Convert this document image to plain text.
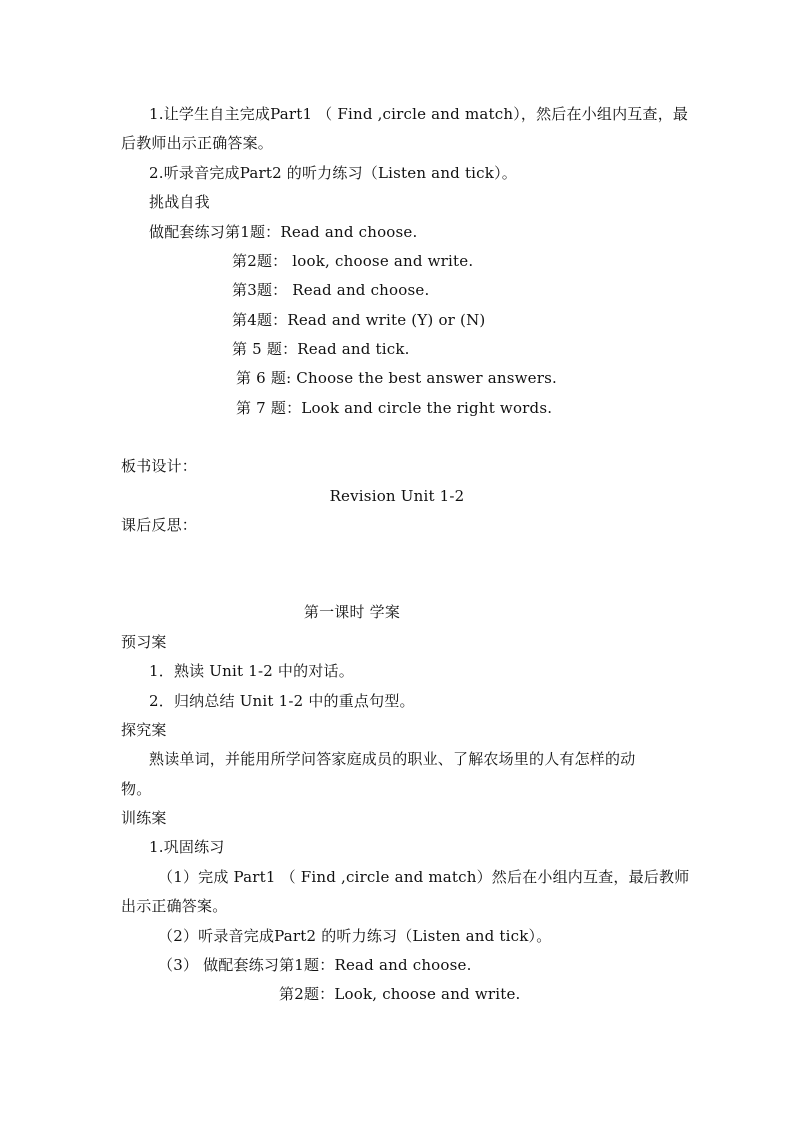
1.让学生自主完成Part1 （ Find ,circle and match），然后在小组内互查，最
后教师出示正确答案。
2.听录音完成Part2 的听力练习（Listen and tick）。
挑战自我
做配套练习第1题：Read and choose.
第2题： look, choose and write.
第3题： Read and choose.
第4题：Read and write (Y) or (N)
第 5 题：Read and tick.
第 6 题: Choose the best answer answers.
第 7 题：Look and circle the right words.
板书设计：
Revision Unit 1-2
课后反思：
第一课时 学案
预习案
1．熟读 Unit 1-2 中的对话。
2．归纳总结 Unit 1-2 中的重点句型。
探究案
熟读单词，并能用所学问答家庭成员的职业、了解农场里的人有怎样的动
物。
训练案
1.巩固练习
（1）完成 Part1 （ Find ,circle and match）然后在小组内互查，最后教师
出示正确答案。
（2）听录音完成Part2 的听力练习（Listen and tick）。
（3） 做配套练习第1题：Read and choose.
第2题：Look, choose and write.
